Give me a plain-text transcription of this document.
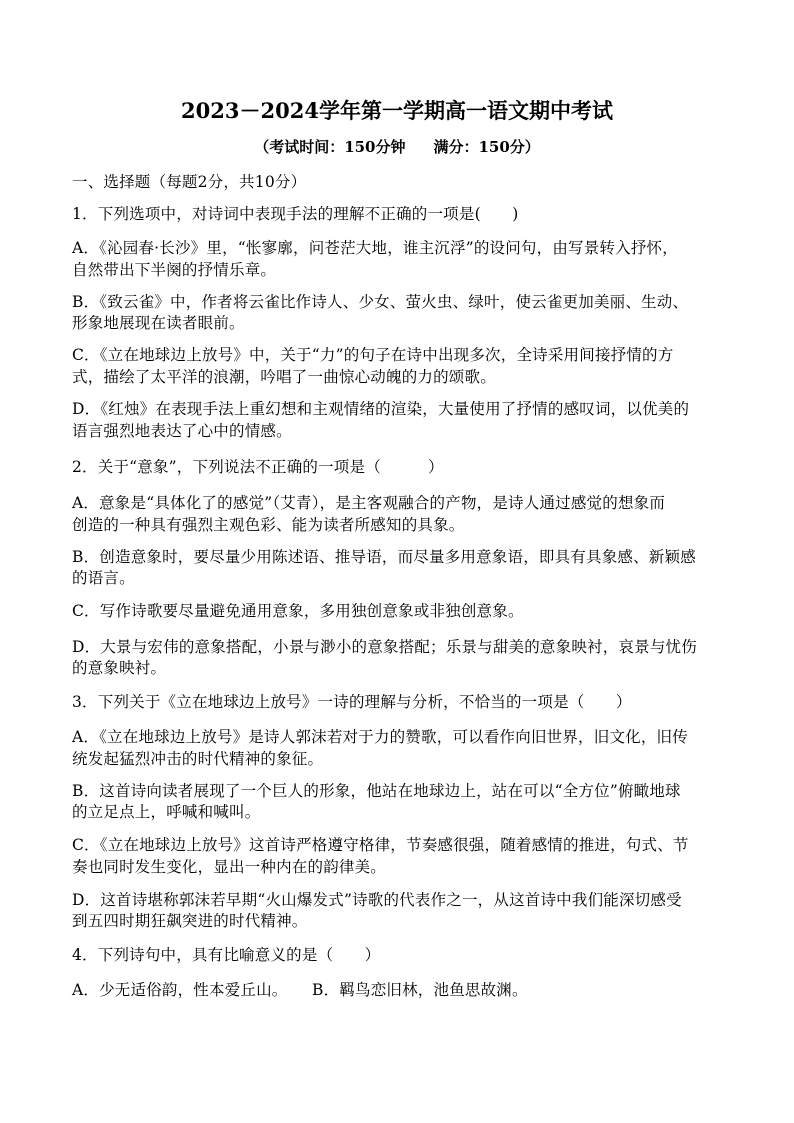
2023－2024学年第一学期高一语文期中考试
（考试时间：150分钟 满分：150分）
一、选择题（每题2分，共10分）
1．下列选项中，对诗词中表现手法的理解不正确的一项是(　　)
A．《沁园春·长沙》里，“怅寥廓，问苍茫大地，谁主沉浮”的设问句，由写景转入抒怀，
自然带出下半阕的抒情乐章。
B．《致云雀》中，作者将云雀比作诗人、少女、萤火虫、绿叶，使云雀更加美丽、生动、
形象地展现在读者眼前。
C．《立在地球边上放号》中，关于“力”的句子在诗中出现多次，全诗采用间接抒情的方
式，描绘了太平洋的浪潮，吟唱了一曲惊心动魄的力的颂歌。
D．《红烛》在表现手法上重幻想和主观情绪的渲染，大量使用了抒情的感叹词，以优美的
语言强烈地表达了心中的情感。
2．关于“意象”，下列说法不正确的一项是（　　　）
A．意象是“具体化了的感觉”（艾青），是主客观融合的产物，是诗人通过感觉的想象而
创造的一种具有强烈主观色彩、能为读者所感知的具象。
B．创造意象时，要尽量少用陈述语、推导语，而尽量多用意象语，即具有具象感、新颖感
的语言。
C．写作诗歌要尽量避免通用意象，多用独创意象或非独创意象。
D．大景与宏伟的意象搭配，小景与渺小的意象搭配；乐景与甜美的意象映衬，哀景与忧伤
的意象映衬。
3．下列关于《立在地球边上放号》一诗的理解与分析，不恰当的一项是（　　）
A．《立在地球边上放号》是诗人郭沫若对于力的赞歌，可以看作向旧世界，旧文化，旧传
统发起猛烈冲击的时代精神的象征。
B．这首诗向读者展现了一个巨人的形象，他站在地球边上，站在可以“全方位”俯瞰地球
的立足点上，呼喊和喊叫。
C．《立在地球边上放号》这首诗严格遵守格律，节奏感很强，随着感情的推进，句式、节
奏也同时发生变化，显出一种内在的韵律美。
D．这首诗堪称郭沫若早期“火山爆发式”诗歌的代表作之一，从这首诗中我们能深切感受
到五四时期狂飙突进的时代精神。
4．下列诗句中，具有比喻意义的是（　　）
A．少无适俗韵，性本爱丘山。 B．羁鸟恋旧林，池鱼思故渊。
